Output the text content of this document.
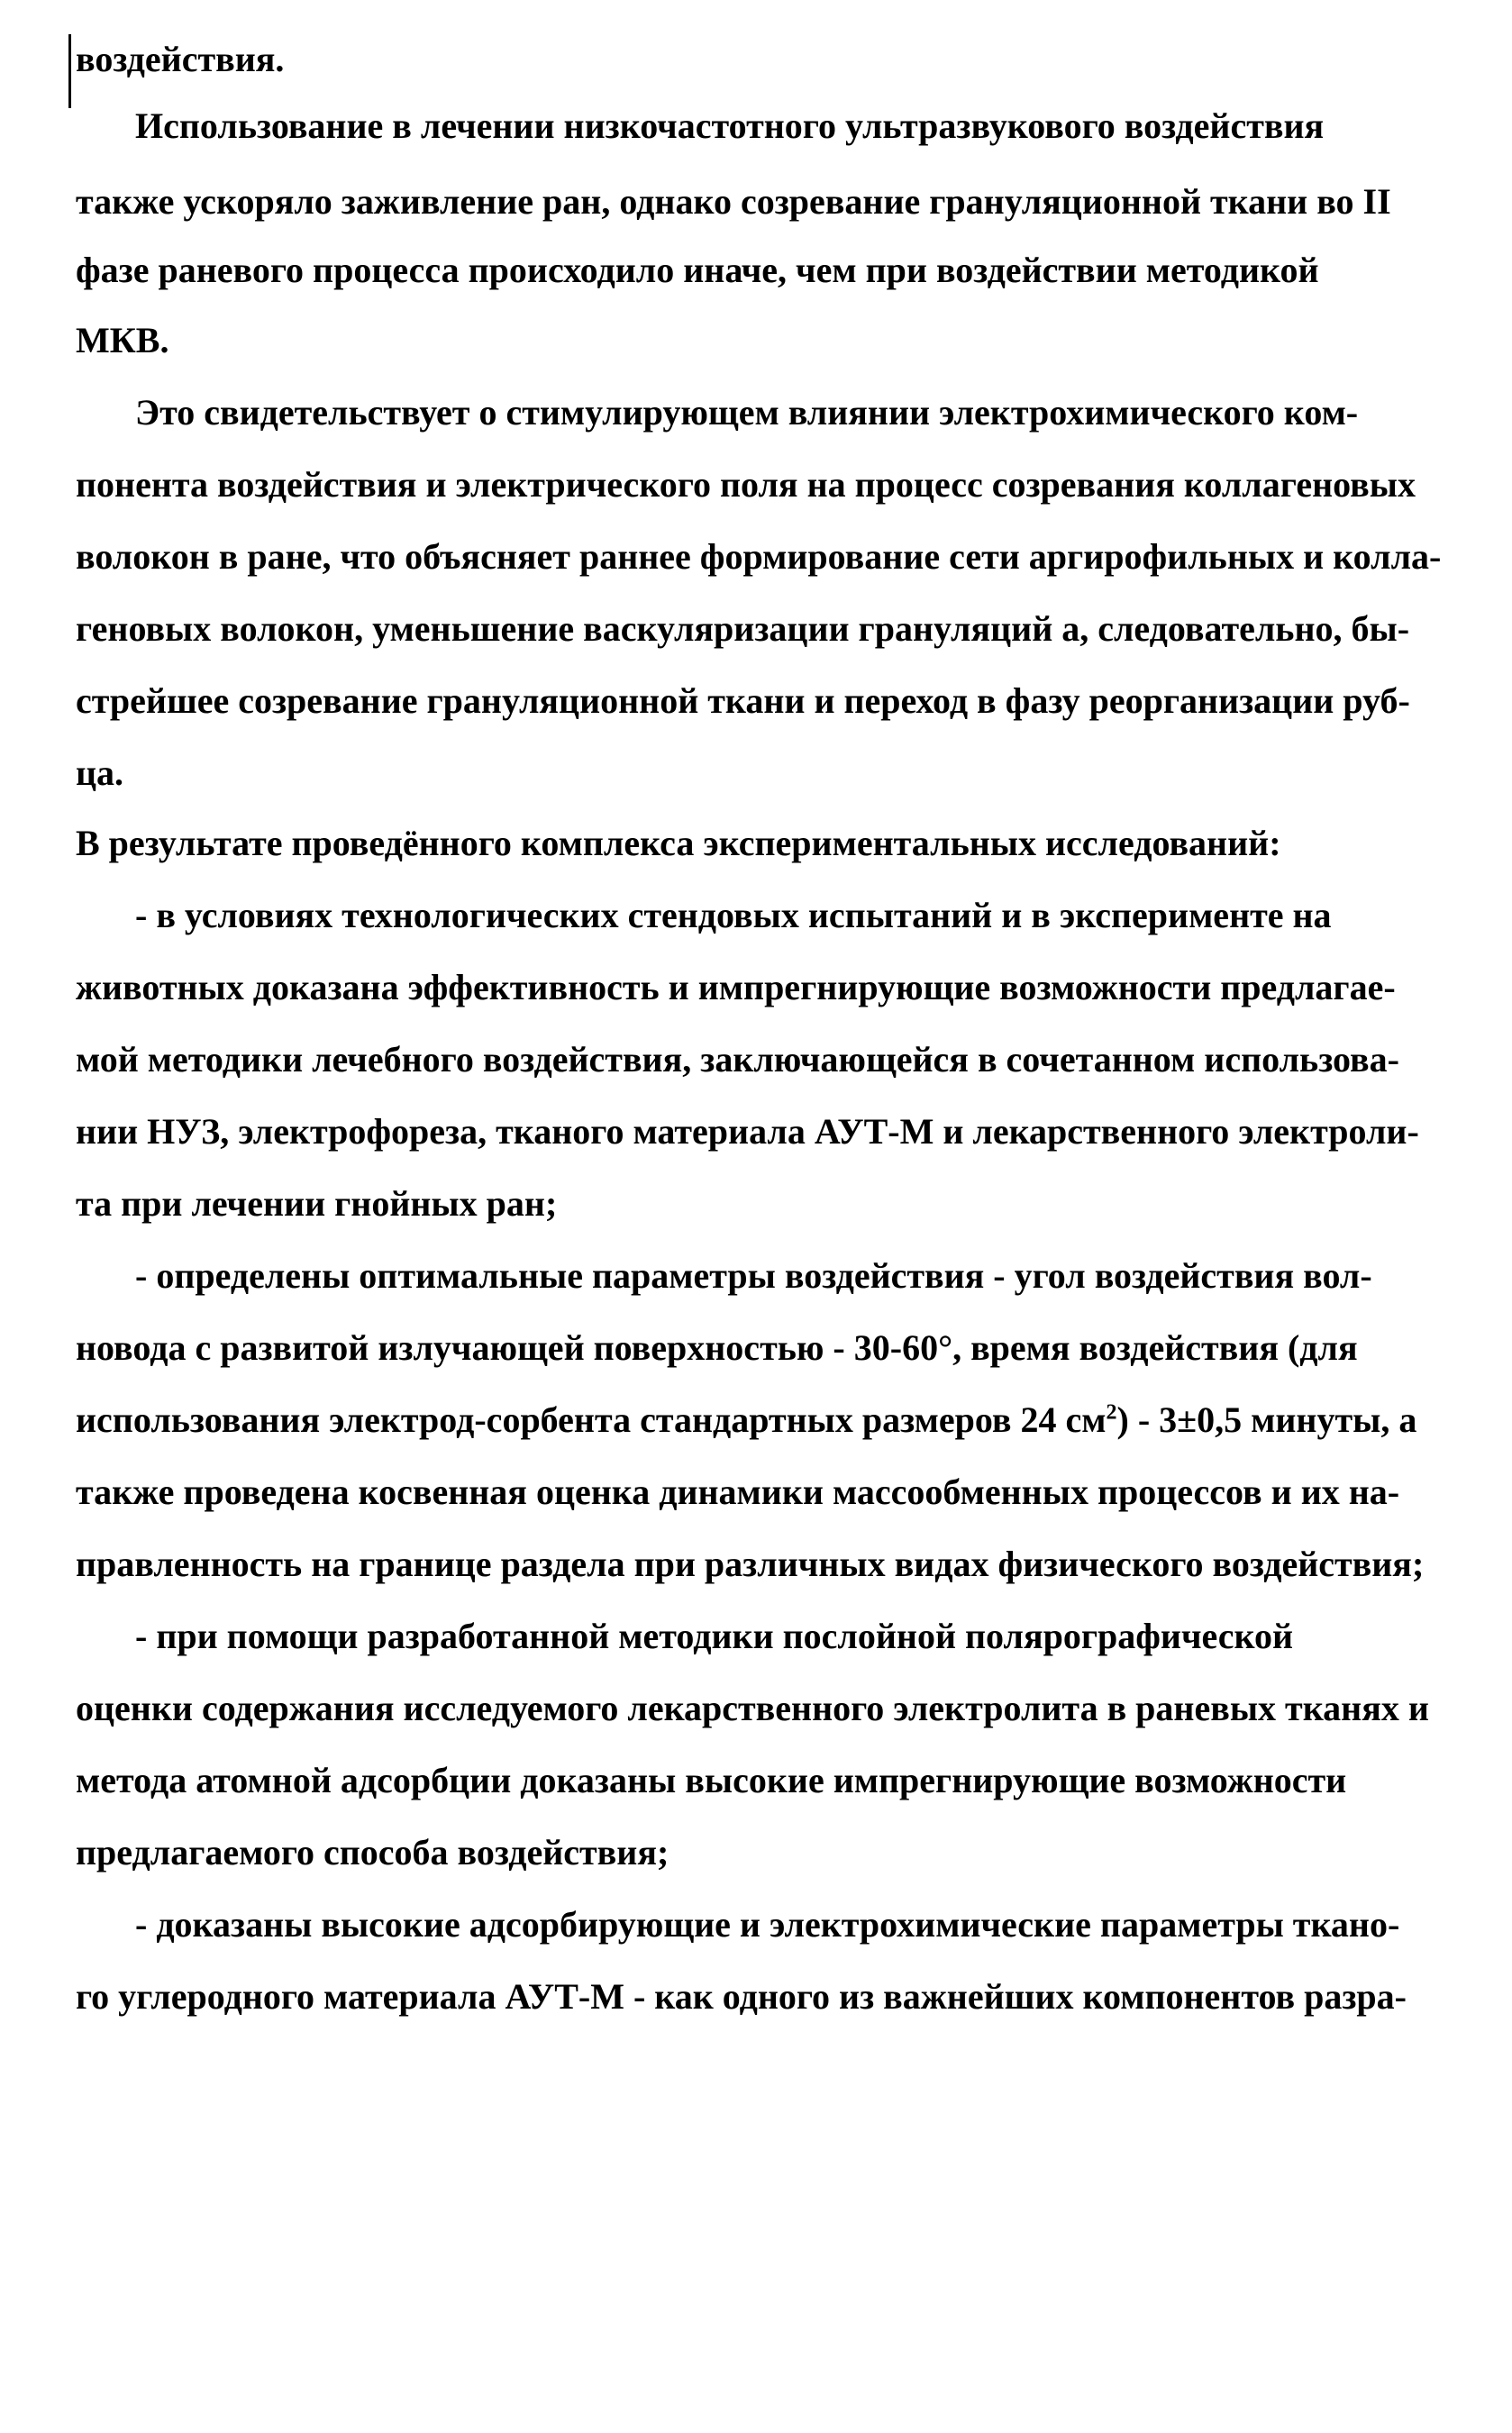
воздействия.
Использование в лечении низкочастотного ультразвукового воздействия
также ускоряло заживление ран, однако созревание грануляционной ткани во II
фазе раневого процесса происходило иначе, чем при воздействии методикой
МКВ.
Это свидетельствует о стимулирующем влиянии электрохимического ком-
понента воздействия и электрического поля на процесс созревания коллагеновых
волокон в ране, что объясняет раннее формирование сети аргирофильных и колла-
геновых волокон, уменьшение васкуляризации грануляций а, следовательно, бы-
стрейшее созревание грануляционной ткани и переход в фазу реорганизации руб-
ца.
В результате проведённого комплекса экспериментальных исследований:
- в условиях технологических стендовых испытаний и в эксперименте на
животных доказана эффективность и импрегнирующие возможности предлагае-
мой методики лечебного воздействия, заключающейся в сочетанном использова-
нии НУЗ, электрофореза, тканого материала АУТ-М и лекарственного электроли-
та при лечении гнойных ран;
- определены оптимальные параметры воздействия - угол воздействия вол-
новода с развитой излучающей поверхностью - 30-60°, время воздействия (для
использования электрод-сорбента стандартных размеров 24 $см^2) - 3\pm 0,5$ минуты, а
также проведена косвенная оценка динамики массообменных процессов и их на-
правленность на границе раздела при различных видах физического воздействия;
- при помощи разработанной методики послойной полярографической
оценки содержания исследуемого лекарственного электролита в раневых тканях и
метода атомной адсорбции доказаны высокие импрегнирующие возможности
предлагаемого способа воздействия;
- доказаны высокие адсорбирующие и электрохимические параметры ткано-
го углеродного материала АУТ-М - как одного из важнейших компонентов разра-
